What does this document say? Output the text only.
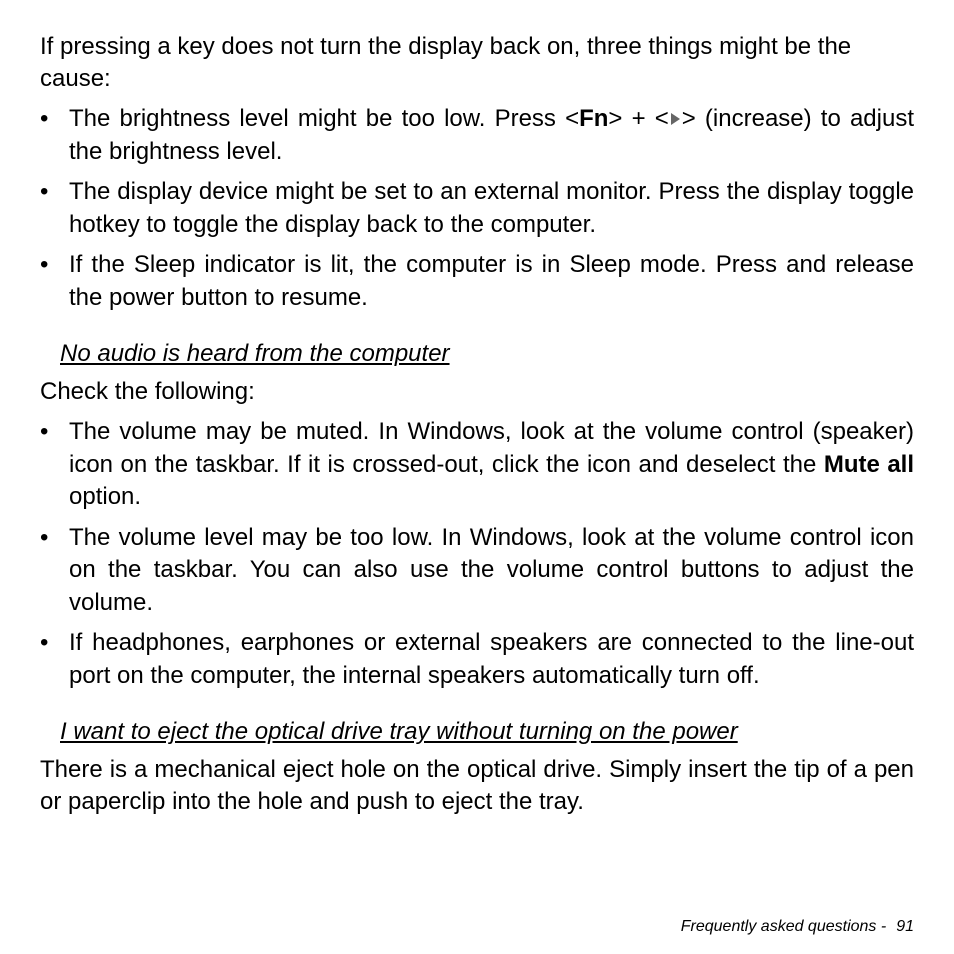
If pressing a key does not turn the display back on, three things might be the cause:

• The brightness level might be too low. Press <Fn> + < > (increase) to adjust the brightness level.
• The display device might be set to an external monitor. Press the display toggle hotkey to toggle the display back to the computer.
• If the Sleep indicator is lit, the computer is in Sleep mode. Press and release the power button to resume.
No audio is heard from the computer

Check the following:

• The volume may be muted. In Windows, look at the volume control (speaker) icon on the taskbar. If it is crossed-out, click the icon and deselect the Mute all option.
• The volume level may be too low. In Windows, look at the volume control icon on the taskbar. You can also use the volume control buttons to adjust the volume.
• If headphones, earphones or external speakers are connected to the line-out port on the computer, the internal speakers automatically turn off.
I want to eject the optical drive tray without turning on the power

There is a mechanical eject hole on the optical drive. Simply insert the tip of a pen or paperclip into the hole and push to eject the tray.

Frequently asked questions - 91
